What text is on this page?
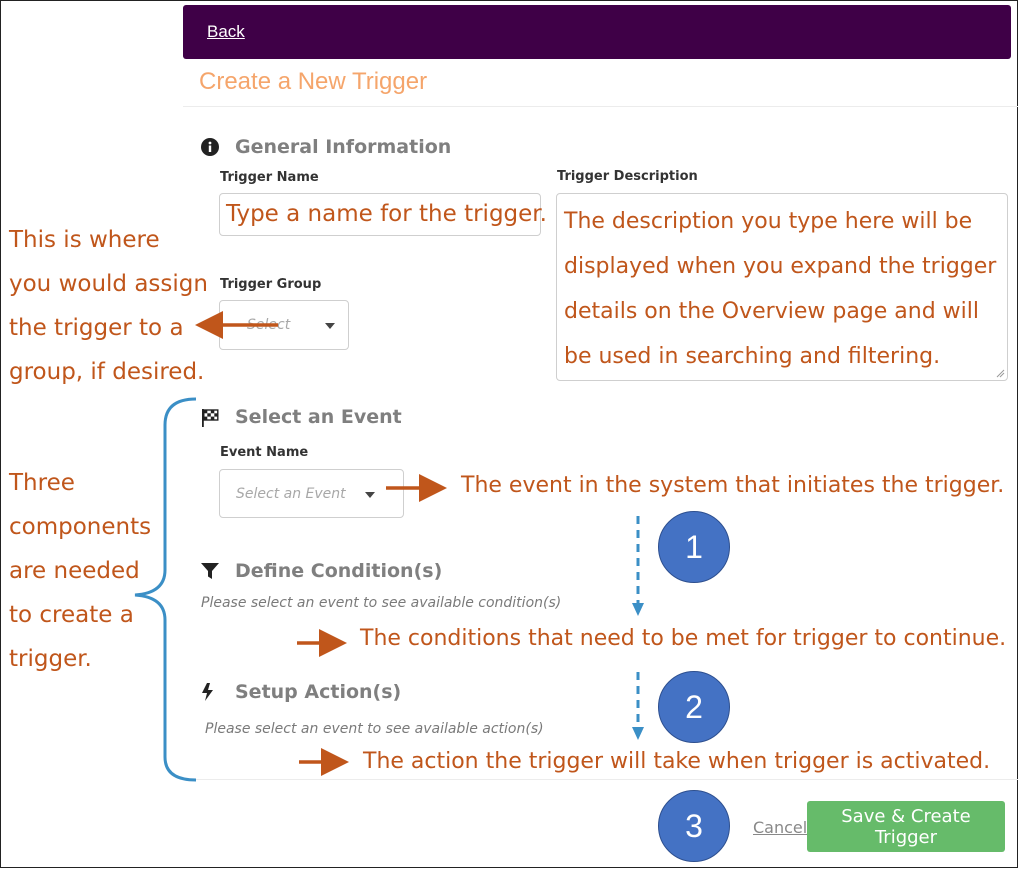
Back
Create a New Trigger
General Information
Trigger Name
Type a name for the trigger.
Trigger Description
The description you type here will be
displayed when you expand the trigger
details on the Overview page and will
be used in searching and filtering.
Trigger Group
Select
Select an Event
Event Name
Select an Event
Define Condition(s)
Please select an event to see available condition(s)
Setup Action(s)
Please select an event to see available action(s)
Cancel
Save & Create Trigger
This is where
you would assign
the trigger to a
group, if desired.
Three
components
are needed
to create a
trigger.
The event in the system that initiates the trigger.
The conditions that need to be met for trigger to continue.
The action the trigger will take when trigger is activated.
1
2
3
